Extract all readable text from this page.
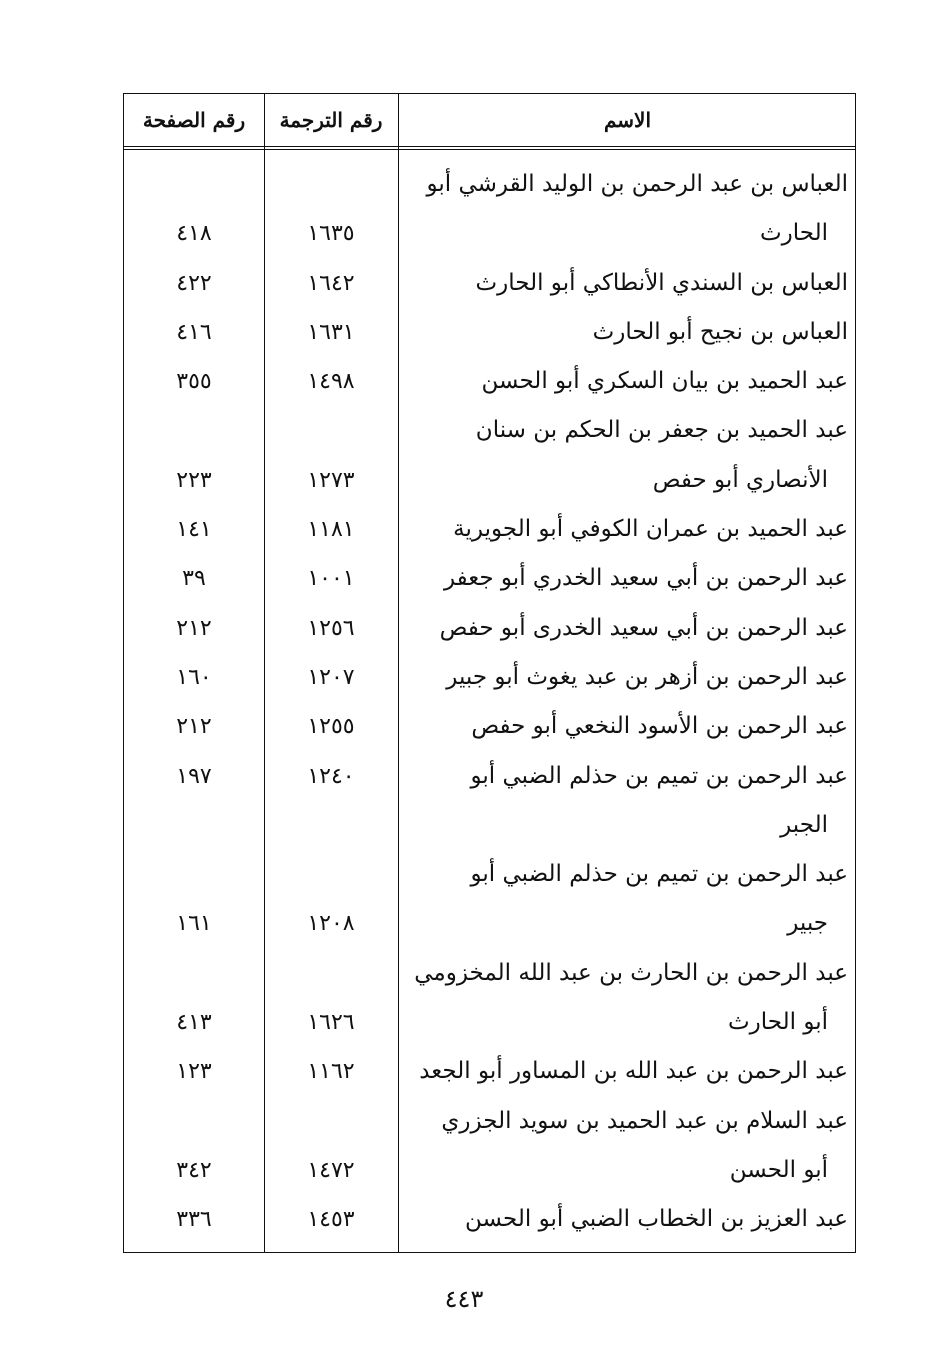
رقم الصفحة	رقم الترجمة	الاسم
العباس بن عبد الرحمن بن الوليد القرشي أبو
الحارث
١٦٣٥
٤١٨
العباس بن السندي الأنطاكي أبو الحارث
١٦٤٢
٤٢٢
العباس بن نجيح أبو الحارث
١٦٣١
٤١٦
عبد الحميد بن بيان السكري أبو الحسن
١٤٩٨
٣٥٥
عبد الحميد بن جعفر بن الحكم بن سنان
الأنصاري أبو حفص
١٢٧٣
٢٢٣
عبد الحميد بن عمران الكوفي أبو الجويرية
١١٨١
١٤١
عبد الرحمن بن أبي سعيد الخدري أبو جعفر
١٠٠١
٣٩
عبد الرحمن بن أبي سعيد الخدرى أبو حفص
١٢٥٦
٢١٢
عبد الرحمن بن أزهر بن عبد يغوث أبو جبير
١٢٠٧
١٦٠
عبد الرحمن بن الأسود النخعي أبو حفص
١٢٥٥
٢١٢
عبد الرحمن بن تميم بن حذلم الضبي أبو
الجبر
١٢٤٠
١٩٧
عبد الرحمن بن تميم بن حذلم الضبي أبو
جبير
١٢٠٨
١٦١
عبد الرحمن بن الحارث بن عبد الله المخزومي
أبو الحارث
١٦٢٦
٤١٣
عبد الرحمن بن عبد الله بن المساور أبو الجعد
١١٦٢
١٢٣
عبد السلام بن عبد الحميد بن سويد الجزري
أبو الحسن
١٤٧٢
٣٤٢
عبد العزيز بن الخطاب الضبي أبو الحسن
١٤٥٣
٣٣٦
٤٤٣
